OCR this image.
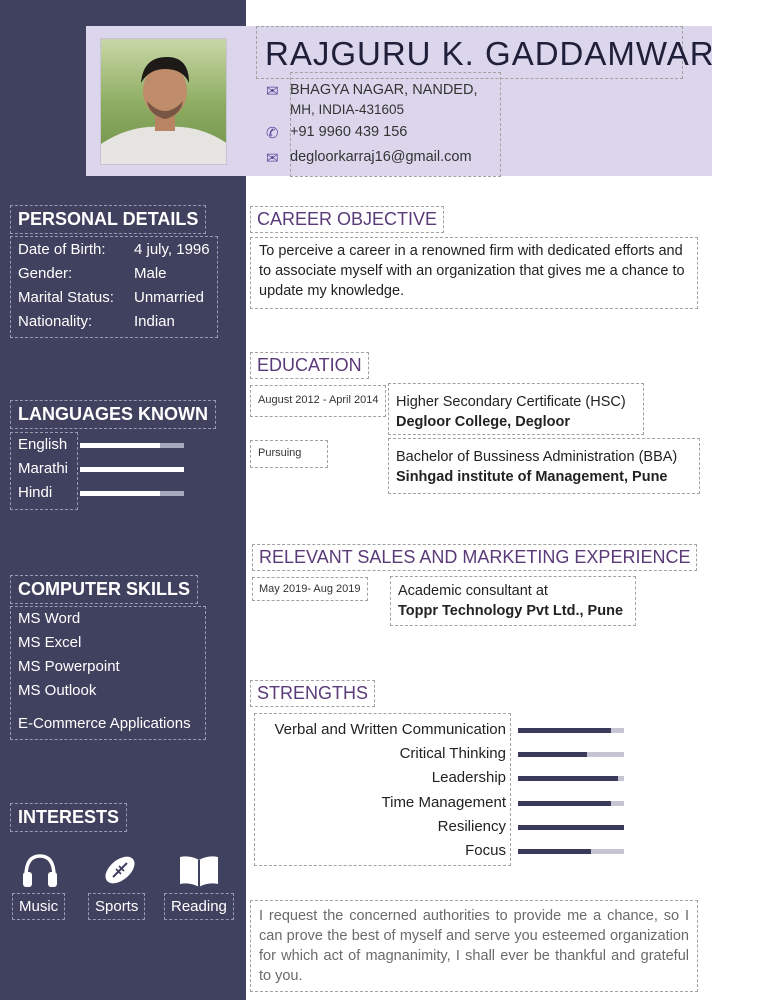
RAJGURU K. GADDAMWAR
✉ BHAGYA NAGAR, NANDED,
MH, INDIA-431605
✆ +91 9960 439 156
✉ degloorkarraj16@gmail.com
PERSONAL DETAILS
Date of Birth: 4 july, 1996
Gender:	Male
Marital Status: Unmarried
Nationality:	Indian
LANGUAGES KNOWN
English
Marathi
Hindi
COMPUTER SKILLS
MS Word
MS Excel
MS Powerpoint
MS Outlook
E-Commerce Applications
INTERESTS
Music	Sports	Reading
CAREER OBJECTIVE
To perceive a career in a renowned firm with dedicated efforts and to associate myself with an organization that gives me a chance to update my knowledge.
EDUCATION
August 2012 - April 2014	Higher Secondary Certificate (HSC)
Degloor College, Degloor
Pursuing	Bachelor of Bussiness Administration (BBA)
Sinhgad institute of Management, Pune
RELEVANT SALES AND MARKETING EXPERIENCE
May 2019- Aug 2019	Academic consultant at
Toppr Technology Pvt Ltd., Pune
STRENGTHS
Verbal and Written Communication
Critical Thinking
Leadership
Time Management
Resiliency
Focus
I request the concerned authorities to provide me a chance, so I can prove the best of myself and serve you esteemed organization for which act of magnanimity, I shall ever be thankful and grateful to you.
